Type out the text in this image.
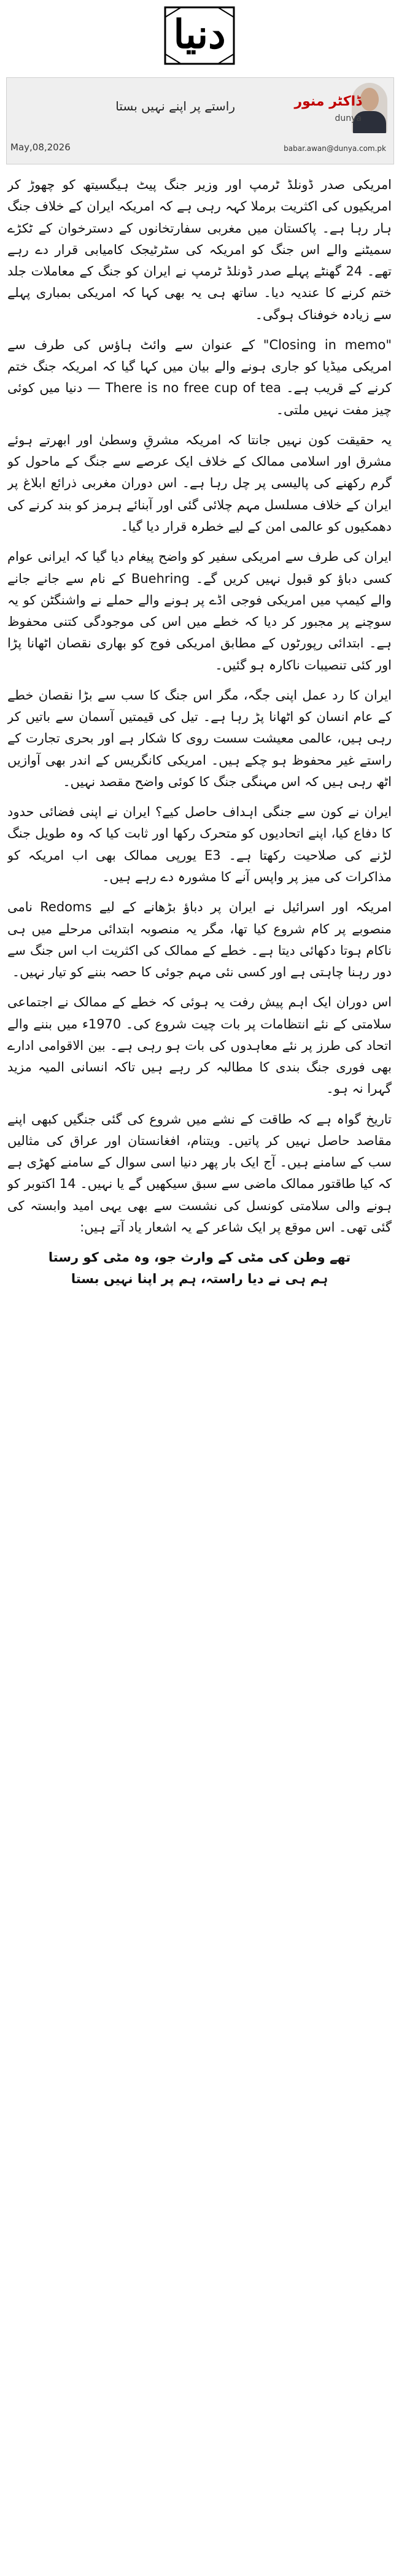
دنیا
ڈاکٹر منور
dunya
راستے پر اپنے نہیں بستا
babar.awan@dunya.com.pk
May,08,2026

امریکی صدر ڈونلڈ ٹرمپ اور وزیر جنگ پیٹ ہیگسیتھ کو چھوڑ کر امریکیوں کی اکثریت برملا کہہ رہی ہے کہ امریکہ ایران کے خلاف جنگ ہار رہا ہے۔ پاکستان میں مغربی سفارتخانوں کے دسترخوان کے ٹکڑے سمیٹنے والے اس جنگ کو امریکہ کی سٹرٹیجک کامیابی قرار دے رہے تھے۔ 24 گھنٹے پہلے صدر ڈونلڈ ٹرمپ نے ایران کو جنگ کے معاملات جلد ختم کرنے کا عندیہ دیا۔ ساتھ ہی یہ بھی کہا کہ امریکی بمباری پہلے سے زیادہ خوفناک ہوگی۔

"Closing in memo" کے عنوان سے وائٹ ہاؤس کی طرف سے امریکی میڈیا کو جاری ہونے والے بیان میں کہا گیا کہ امریکہ جنگ ختم کرنے کے قریب ہے۔ There is no free cup of tea — دنیا میں کوئی چیز مفت نہیں ملتی۔

یہ حقیقت کون نہیں جانتا کہ امریکہ مشرقِ وسطیٰ اور ابھرتے ہوئے مشرق اور اسلامی ممالک کے خلاف ایک عرصے سے جنگ کے ماحول کو گرم رکھنے کی پالیسی پر چل رہا ہے۔ اس دوران مغربی ذرائع ابلاغ پر ایران کے خلاف مسلسل مہم چلائی گئی اور آبنائے ہرمز کو بند کرنے کی دھمکیوں کو عالمی امن کے لیے خطرہ قرار دیا گیا۔

ایران کی طرف سے امریکی سفیر کو واضح پیغام دیا گیا کہ ایرانی عوام کسی دباؤ کو قبول نہیں کریں گے۔ Buehring کے نام سے جانے جانے والے کیمپ میں امریکی فوجی اڈے پر ہونے والے حملے نے واشنگٹن کو یہ سوچنے پر مجبور کر دیا کہ خطے میں اس کی موجودگی کتنی محفوظ ہے۔ ابتدائی رپورٹوں کے مطابق امریکی فوج کو بھاری نقصان اٹھانا پڑا اور کئی تنصیبات ناکارہ ہو گئیں۔

ایران کا رد عمل اپنی جگہ، مگر اس جنگ کا سب سے بڑا نقصان خطے کے عام انسان کو اٹھانا پڑ رہا ہے۔ تیل کی قیمتیں آسمان سے باتیں کر رہی ہیں، عالمی معیشت سست روی کا شکار ہے اور بحری تجارت کے راستے غیر محفوظ ہو چکے ہیں۔ امریکی کانگریس کے اندر بھی آوازیں اٹھ رہی ہیں کہ اس مہنگی جنگ کا کوئی واضح مقصد نہیں۔

ایران نے کون سے جنگی اہداف حاصل کیے؟ ایران نے اپنی فضائی حدود کا دفاع کیا، اپنے اتحادیوں کو متحرک رکھا اور ثابت کیا کہ وہ طویل جنگ لڑنے کی صلاحیت رکھتا ہے۔ E3 یورپی ممالک بھی اب امریکہ کو مذاکرات کی میز پر واپس آنے کا مشورہ دے رہے ہیں۔

امریکہ اور اسرائیل نے ایران پر دباؤ بڑھانے کے لیے Redoms نامی منصوبے پر کام شروع کیا تھا، مگر یہ منصوبہ ابتدائی مرحلے میں ہی ناکام ہوتا دکھائی دیتا ہے۔ خطے کے ممالک کی اکثریت اب اس جنگ سے دور رہنا چاہتی ہے اور کسی نئی مہم جوئی کا حصہ بننے کو تیار نہیں۔

اس دوران ایک اہم پیش رفت یہ ہوئی کہ خطے کے ممالک نے اجتماعی سلامتی کے نئے انتظامات پر بات چیت شروع کی۔ 1970ء میں بننے والے اتحاد کی طرز پر نئے معاہدوں کی بات ہو رہی ہے۔ بین الاقوامی ادارے بھی فوری جنگ بندی کا مطالبہ کر رہے ہیں تاکہ انسانی المیہ مزید گہرا نہ ہو۔

تاریخ گواہ ہے کہ طاقت کے نشے میں شروع کی گئی جنگیں کبھی اپنے مقاصد حاصل نہیں کر پاتیں۔ ویتنام، افغانستان اور عراق کی مثالیں سب کے سامنے ہیں۔ آج ایک بار پھر دنیا اسی سوال کے سامنے کھڑی ہے کہ کیا طاقتور ممالک ماضی سے سبق سیکھیں گے یا نہیں۔ 14 اکتوبر کو ہونے والی سلامتی کونسل کی نشست سے بھی یہی امید وابستہ کی گئی تھی۔ اس موقع پر ایک شاعر کے یہ اشعار یاد آتے ہیں:

تھے وطن کی مٹی کے وارث جو، وہ مٹی کو رستا
ہم ہی نے دیا راستہ، ہم پر اپنا نہیں بستا
